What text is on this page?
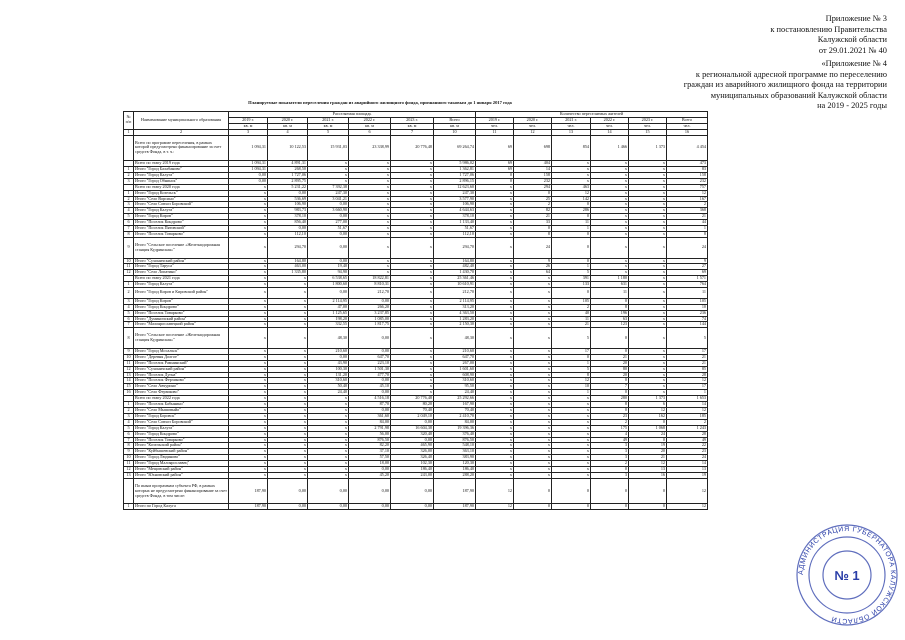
Приложение № 3
к постановлению Правительства
Калужской области
от 29.01.2021 № 40
«Приложение № 4
к региональной адресной программе по переселению
граждан из аварийного жилищного фонда на территории
муниципальных образований Калужской области
на 2019 - 2025 годы
Планируемые показатели переселения граждан из аварийного жилищного фонда, признанного таковым до 1 января 2017 года
№ п/п	Наименование муниципального образования	Расселяемая площадь						Количество переселяемых жителей					
		2019 г.	2020 г.	2021 г.	2022 г.	2023 г.	Всего	2019 г.	2020 г.	2021 г.	2022 г.	2023 г.	Всего
		кв. м	кв. м	кв. м	кв. м	кв. м	кв. м	чел.	чел.	чел.	чел.	чел.	чел.
1	2	3	4	5	6	7	10	11	12	13	14	15	16
	Всего по программе переселения, в рамках которой предусмотрено финансирование за счет средств Фонда, в т. ч.:	1 094,31	10 122,53	15 931,03	23 338,99	20 776,48	69 264,74	69	698	854	1 466	1 373	4 454
	Всего по этапу 2019 года	1 094,31	4 891,31	x	x	x	5 986,02	69	404	x	x	x	473
1	Итого "Город Балабаново"	1 094,31	268,50	x	x	x	1 362,81	69	14	x	x	x	83
2	Итого "Город Калуга"	0,00	1 727,06	x	x	x	1 727,06	0	158	x	x	x	158
3	Итого "Город Обнинск"	0,00	2 895,75	x	x	x	2 896,15	0	232	x	x	x	232
	Всего по этапу 2020 года	x	5 231,22	7 392,38	x	x	12 623,60	x	294	463	x	x	757
1	Итого "Город Козельск"	x	0,00	247,30	x	x	247,30	x	0	12	x	x	12
2	Итого "Село Ворсино"	x	536,69	3 041,21	x	x	3 577,90	x	25	142	x	x	167
3	Итого "Село Совхоз Боровский"	x	106,90	0,00	x	x	106,90	x	2	0	x	x	2
4	Итого "Город Калуга"	x	983,73	3 660,90	x	x	4 644,63	x	82	286	x	x	368
5	Итого "Город Киров"	x	378,10	0,00	x	x	378,10	x	21	0	x	x	21
6	Итого "Поселок Кондрово"	x	856,40	277,00	x	x	1 133,40	x	33	11	x	x	44
7	Итого "Поселок Пятовский"	x	0,00	51,67	x	x	51,67	x	0	1	x	x	1
8	Итого "Поселок Товарково"	x	112,10	0,00	x	x	112,10	x	8	0	x	x	8
9	Итого "Сельское поселение «Железнодорожная станция Кудринская»"	x	294,70	0,00	x	x	294,70	x	24	0	x	x	24
10	Итого "Сухиничский район"	x	164,80	0,00	x	x	164,80	x	9	0	x	x	9
11	Итого "Город Таруса"	x	463,00	19,40	x	x	482,40	x	26	1	x	x	27
12	Итого "Село Лопатино"	x	1 335,80	94,90	x	x	1 430,70	x	64	5	x	x	69
	Всего по этапу 2021 года	x	x	6 538,65	18 822,81	x	25 361,46	x	x	391	1 180	x	1 571
1	Итого "Город Калуга"	x	x	1 800,60	8 810,31	x	10 610,91	x	x	133	631	x	764
2	Итого "Город Киров и Кировский район"	x	x	0,00	212,70	x	212,70	x	x	0	11	x	11
3	Итого "Город Киров"	x	x	2 114,95	0,00	x	2 114,95	x	x	105	0	x	105
4	Итого "Город Кондрово"	x	x	47,00	266,20	x	313,20	x	x	2	8	x	10
5	Итого "Поселок Товарково"	x	x	1 125,65	3 237,85	x	4 363,50	x	x	40	196	x	236
6	Итого "Думиничский район"	x	x	198,20	1 085,00	x	1 283,20	x	x	11	63	x	74
7	Итого "Малоярославецкий район"	x	x	332,55	1 817,75	x	2 150,30	x	x	21	123	x	144
8	Итого "Сельское поселение «Железнодорожная станция Кудринская»"	x	x	48,30	0,00	x	48,30	x	x	5	0	x	5
9	Итого "Город Мосальск"	x	x	210,60	0,00	x	210,60	x	x	17	0	x	17
10	Итого "Деревня Долгое"	x	x	0,00	647,70	x	647,70	x	x	0	21	x	21
11	Итого "Поселок Рамнинский"	x	x	43,90	223,10	x	267,00	x	x	1	20	x	21
12	Итого "Сухиничский район"	x	x	100,30	1 501,30	x	1 601,60	x	x	5	80	x	85
13	Итого "Поселок Дугна"	x	x	131,20	477,70	x	608,90	x	x	8	20	x	28
14	Итого "Поселок Ферзиково"	x	x	310,60	0,00	x	310,60	x	x	12	0	x	12
15	Итого "Село Авчурино"	x	x	50,40	45,10	x	95,50	x	x	10	7	x	17
16	Итого "Село Ферзиково"	x	x	24,40	0,00	x	24,40	x	x	1	0	x	1
	Всего по этапу 2022 года	x	x	x	4 516,18	20 776,48	25 292,66	x	x	x	280	1 373	1 653
1	Итого "Поселок Бабынино"	x	x	x	87,70	80,20	167,90	x	x	x	8	6	14
2	Итого "Село Мышовыйо"	x	x	x	0,00	70,40	70,40	x	x	x	0	12	12
3	Итого "Город Боровск"	x	x	x	361,60	2 049,10	2 410,70	x	x	x	23	162	185
4	Итого "Село Совхоз Боровский"	x	x	x	84,00	0,00	84,00	x	x	x	2	0	2
5	Итого "Город Калуга"	x	x	x	2 791,98	16 604,38	19 396,36	x	x	x	175	1 068	1 243
6	Итого "Город Кондрово"	x	x	x	56,00	320,40	376,40	x	x	x	4	24	28
7	Итого "Поселок Товарково"	x	x	x	876,50	0,00	876,50	x	x	x	49	0	49
8	Итого "Козельский район"	x	x	x	82,20	465,90	548,10	x	x	x	3	19	22
9	Итого "Куйбышевский район"	x	x	x	37,10	326,00	363,10	x	x	x	3	20	23
10	Итого "Город Людиново"	x	x	x	57,50	326,40	383,90	x	x	x	3	21	24
11	Итого "Город Малоярославец"	x	x	x	18,00	102,30	120,30	x	x	x	2	12	14
12	Итого "Мещовский район"	x	x	x	0,00	186,40	186,40	x	x	x	0	13	13
13	Итого "Юхновский район"	x	x	x	45,20	243,00	288,20	x	x	x	3	16	19
	По иным программам субъекта РФ, в рамках которых не предусмотрено финансирование за счет средств Фонда, в том числе:	187,90	0,00	0,00	0,00	0,00	187,90	12	0	0	0	0	12
1	Итого по Город Калуга	187,90	0,00	0,00	0,00	0,00	187,90	12	0	0	0	0	12
АДМИНИСТРАЦИЯ ГУБЕРНАТОРА КАЛУЖСКОЙ ОБЛАСТИ
№ 1
